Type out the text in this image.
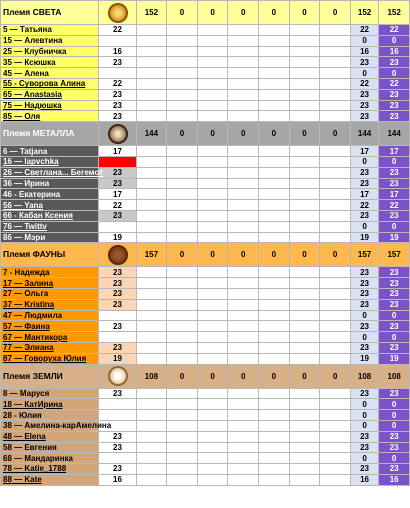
Племя СВЕТА		152	0	0	0	0	0	0	152	152
5 — Татьяна	22								22	22
15 — Алевтина									0	0
25 — Клубничка	16								16	16
35 — Ксюшка	23								23	23
45 — Алена									0	0
55 - Суворова Алина	22								22	22
65 — Anastasia	23								23	23
75 — Надюшка	23								23	23
85 — Оля	23								23	23
Племя МЕТАЛЛА		144	0	0	0	0	0	0	144	144
6 — Tatjana	17								17	17
16 — lapvchka									0	0
26 — Светлана... Бегемот	23								23	23
36 — Ирина	23								23	23
46 - Екатерина	17								17	17
56 — Yana	22								22	22
66 - Кабан Ксения	23								23	23
76 — Twittv									0	0
86 — Мэри	19								19	19
Племя ФАУНЫ		157	0	0	0	0	0	0	157	157
7 - Надежда	23								23	23
17 — Залина	23								23	23
27 — Ольга	23								23	23
37 — Kristina	23								23	23
47 — Людмила									0	0
57 — Фаина	23								23	23
67 — Мантикора									0	0
77 — Элиана	23								23	23
87 — Говоруха Юлия	19								19	19
Племя ЗЕМЛИ		108	0	0	0	0	0	0	108	108
8 — Маруся	23								23	23
18 — КатИрина									0	0
28 - Юлия									0	0
38 — Амелина-карАмелина									0	0
48 — Elena	23								23	23
58 — Евгения	23								23	23
68 — Мандаринка									0	0
78 — Katie_1788	23								23	23
88 — Kate	16								16	16
